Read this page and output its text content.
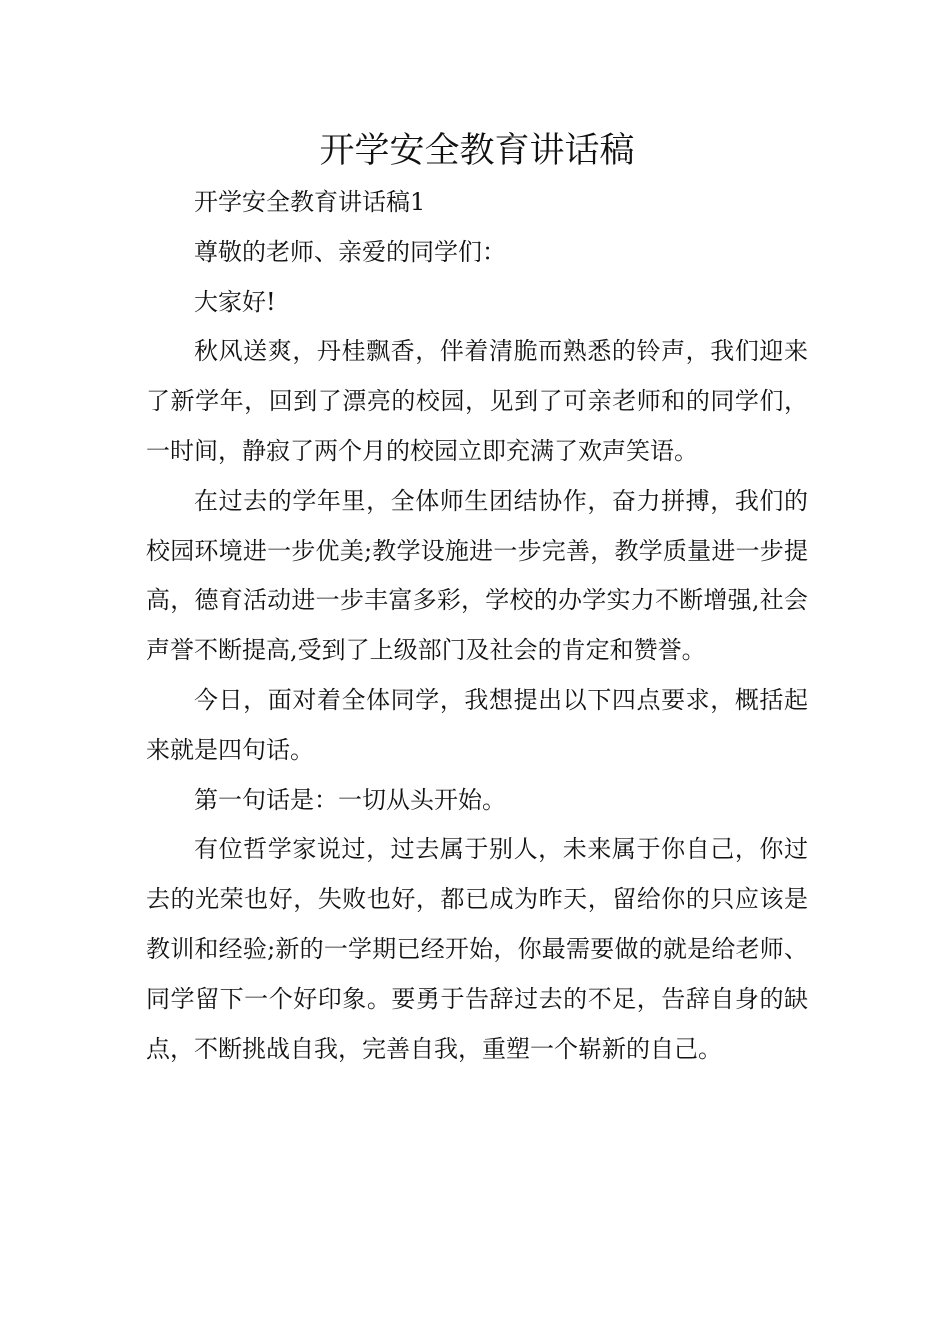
开学安全教育讲话稿

开学安全教育讲话稿1

尊敬的老师、亲爱的同学们：

大家好!

秋风送爽，丹桂飘香，伴着清脆而熟悉的铃声，我们迎来了新学年，回到了漂亮的校园，见到了可亲老师和的同学们，一时间，静寂了两个月的校园立即充满了欢声笑语。

在过去的学年里，全体师生团结协作，奋力拼搏，我们的校园环境进一步优美;教学设施进一步完善，教学质量进一步提高，德育活动进一步丰富多彩，学校的办学实力不断增强,社会声誉不断提高,受到了上级部门及社会的肯定和赞誉。

今日，面对着全体同学，我想提出以下四点要求，概括起来就是四句话。

第一句话是：一切从头开始。

有位哲学家说过，过去属于别人，未来属于你自己，你过去的光荣也好，失败也好，都已成为昨天，留给你的只应该是教训和经验;新的一学期已经开始，你最需要做的就是给老师、同学留下一个好印象。要勇于告辞过去的不足，告辞自身的缺点，不断挑战自我，完善自我，重塑一个崭新的自己。
